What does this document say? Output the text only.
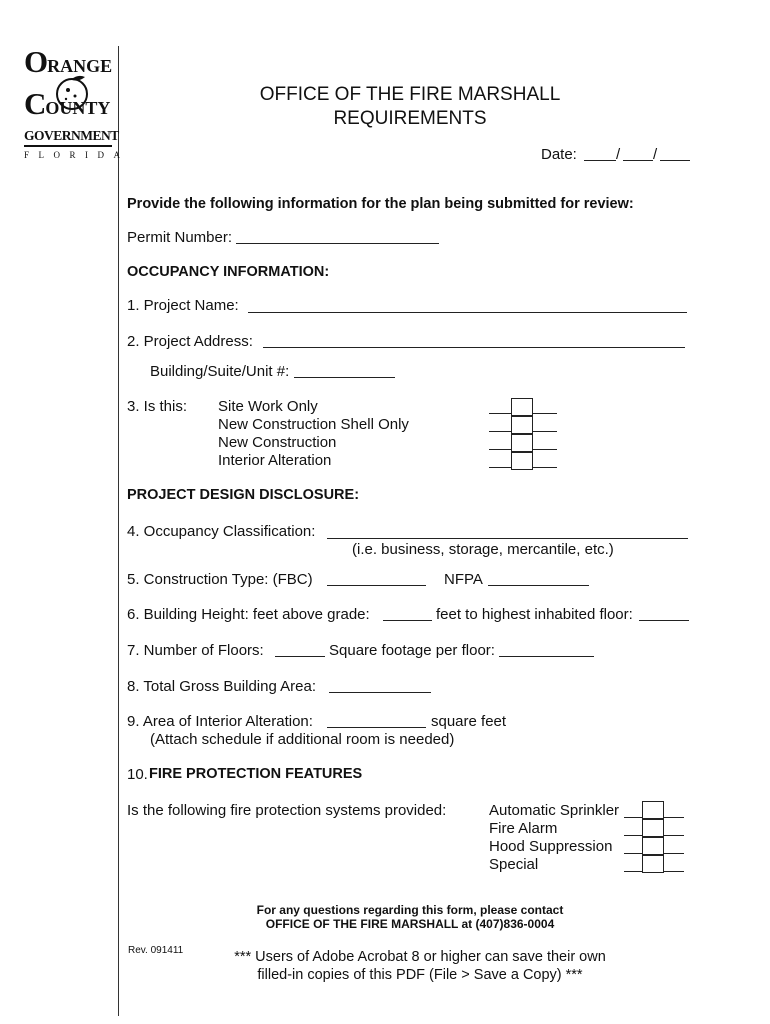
ORANGE
COUNTY
GOVERNMENT
FLORIDA
OFFICE OF THE FIRE MARSHALL
REQUIREMENTS
Date:	/ /
Provide the following information for the plan being submitted for review:
Permit Number:
OCCUPANCY INFORMATION:
1. Project Name:
2. Project Address:
Building/Suite/Unit #:
3. Is this: Site Work Only
New Construction Shell Only
New Construction
Interior Alteration
PROJECT DESIGN DISCLOSURE:
4. Occupancy Classification:
(i.e. business, storage, mercantile, etc.)
5. Construction Type: (FBC)	NFPA
6. Building Height: feet above grade:	feet to highest inhabited floor:
7. Number of Floors:	Square footage per floor:
8. Total Gross Building Area:
9. Area of Interior Alteration:	square feet
(Attach schedule if additional room is needed)
10. FIRE PROTECTION FEATURES
Is the following fire protection systems provided:	Automatic Sprinkler
Fire Alarm
Hood Suppression
Special
For any questions regarding this form, please contact
OFFICE OF THE FIRE MARSHALL at (407)836-0004
Rev. 091411	*** Users of Adobe Acrobat 8 or higher can save their own
filled-in copies of this PDF (File > Save a Copy) ***
